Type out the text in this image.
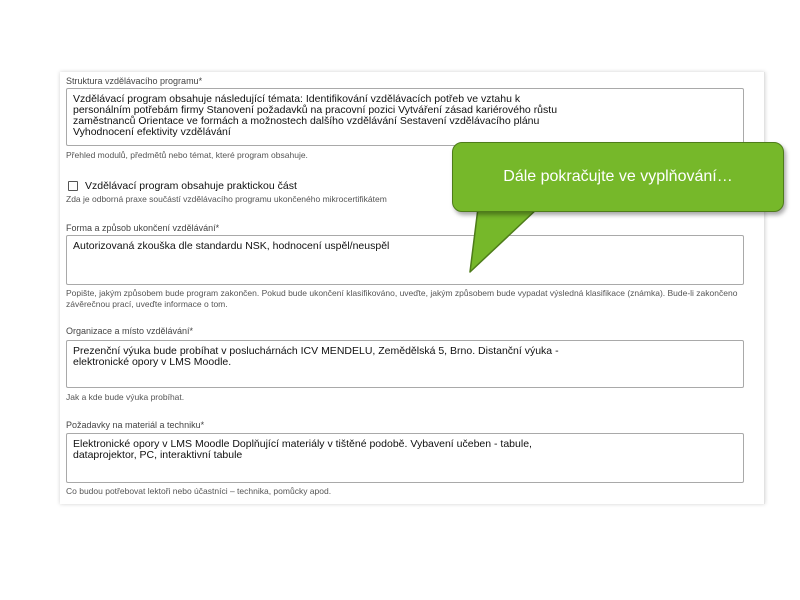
Struktura vzdělávacího programu*
Vzdělávací program obsahuje následující témata: Identifikování vzdělávacích potřeb ve vztahu k
personálním potřebám firmy Stanovení požadavků na pracovní pozici Vytváření zásad kariérového růstu
zaměstnanců Orientace ve formách a možnostech dalšího vzdělávání Sestavení vzdělávacího plánu
Vyhodnocení efektivity vzdělávání
Přehled modulů, předmětů nebo témat, které program obsahuje.
Vzdělávací program obsahuje praktickou část
Zda je odborná praxe součástí vzdělávacího programu ukončeného mikrocertifikátem
Forma a způsob ukončení vzdělávání*
Autorizovaná zkouška dle standardu NSK, hodnocení uspěl/neuspěl
Popište, jakým způsobem bude program zakončen. Pokud bude ukončení klasifikováno, uveďte, jakým způsobem bude vypadat výsledná klasifikace (známka). Bude-li zakončeno závěrečnou prací, uveďte informace o tom.
Organizace a místo vzdělávání*
Prezenční výuka bude probíhat v posluchárnách ICV MENDELU, Zemědělská 5, Brno. Distanční výuka -
elektronické opory v LMS Moodle.
Jak a kde bude výuka probíhat.
Požadavky na materiál a techniku*
Elektronické opory v LMS Moodle Doplňující materiály v tištěné podobě. Vybavení učeben - tabule,
dataprojektor, PC, interaktivní tabule
Co budou potřebovat lektoři nebo účastníci – technika, pomůcky apod.
Dále pokračujte ve vyplňování…
